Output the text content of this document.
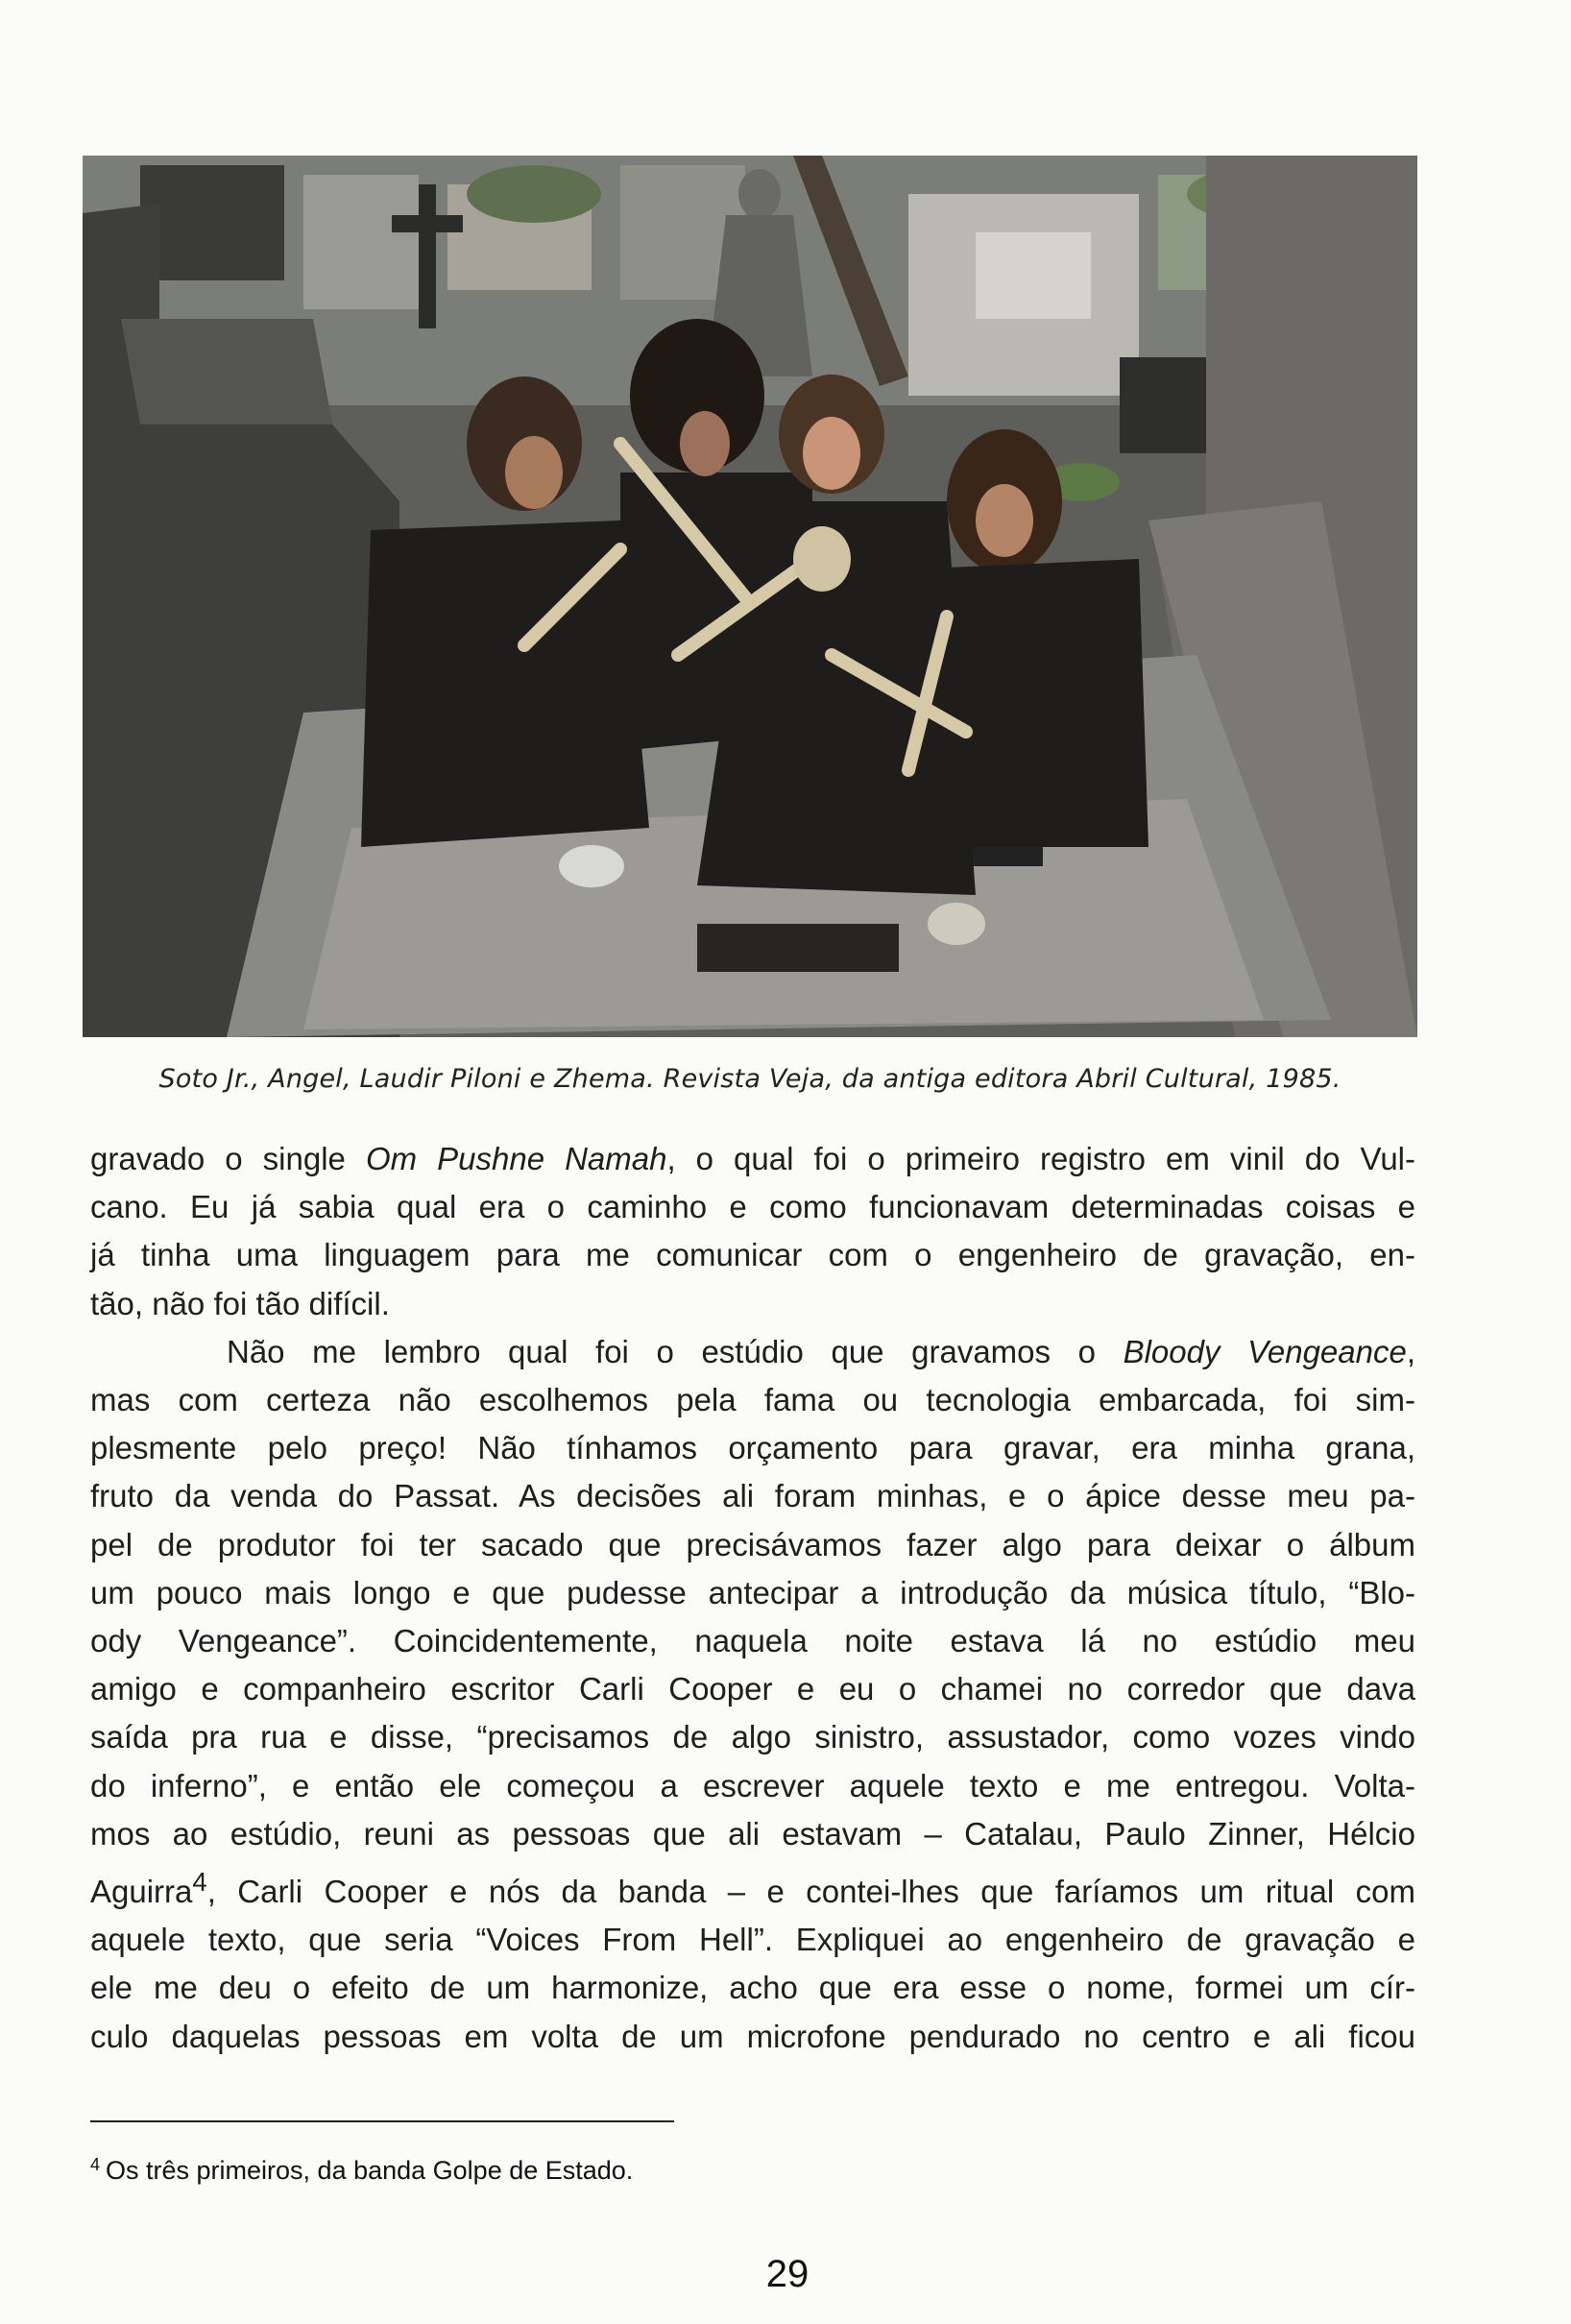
Soto Jr., Angel, Laudir Piloni e Zhema. Revista Veja, da antiga editora Abril Cultural, 1985.
gravado o single Om Pushne Namah, o qual foi o primeiro registro em vinil do Vul-
cano. Eu já sabia qual era o caminho e como funcionavam determinadas coisas e
já tinha uma linguagem para me comunicar com o engenheiro de gravação, en-
tão, não foi tão difícil.
Não me lembro qual foi o estúdio que gravamos o Bloody Vengeance,
mas com certeza não escolhemos pela fama ou tecnologia embarcada, foi sim-
plesmente pelo preço! Não tínhamos orçamento para gravar, era minha grana,
fruto da venda do Passat. As decisões ali foram minhas, e o ápice desse meu pa-
pel de produtor foi ter sacado que precisávamos fazer algo para deixar o álbum
um pouco mais longo e que pudesse antecipar a introdução da música título, “Blo-
ody Vengeance”. Coincidentemente, naquela noite estava lá no estúdio meu
amigo e companheiro escritor Carli Cooper e eu o chamei no corredor que dava
saída pra rua e disse, “precisamos de algo sinistro, assustador, como vozes vindo
do inferno”, e então ele começou a escrever aquele texto e me entregou. Volta-
mos ao estúdio, reuni as pessoas que ali estavam – Catalau, Paulo Zinner, Hélcio
Aguirra$^4$, Carli Cooper e nós da banda – e contei-lhes que faríamos um ritual com
aquele texto, que seria “Voices From Hell”. Expliquei ao engenheiro de gravação e
ele me deu o efeito de um harmonize, acho que era esse o nome, formei um cír-
culo daquelas pessoas em volta de um microfone pendurado no centro e ali ficou
$^4$ Os três primeiros, da banda Golpe de Estado.
29
